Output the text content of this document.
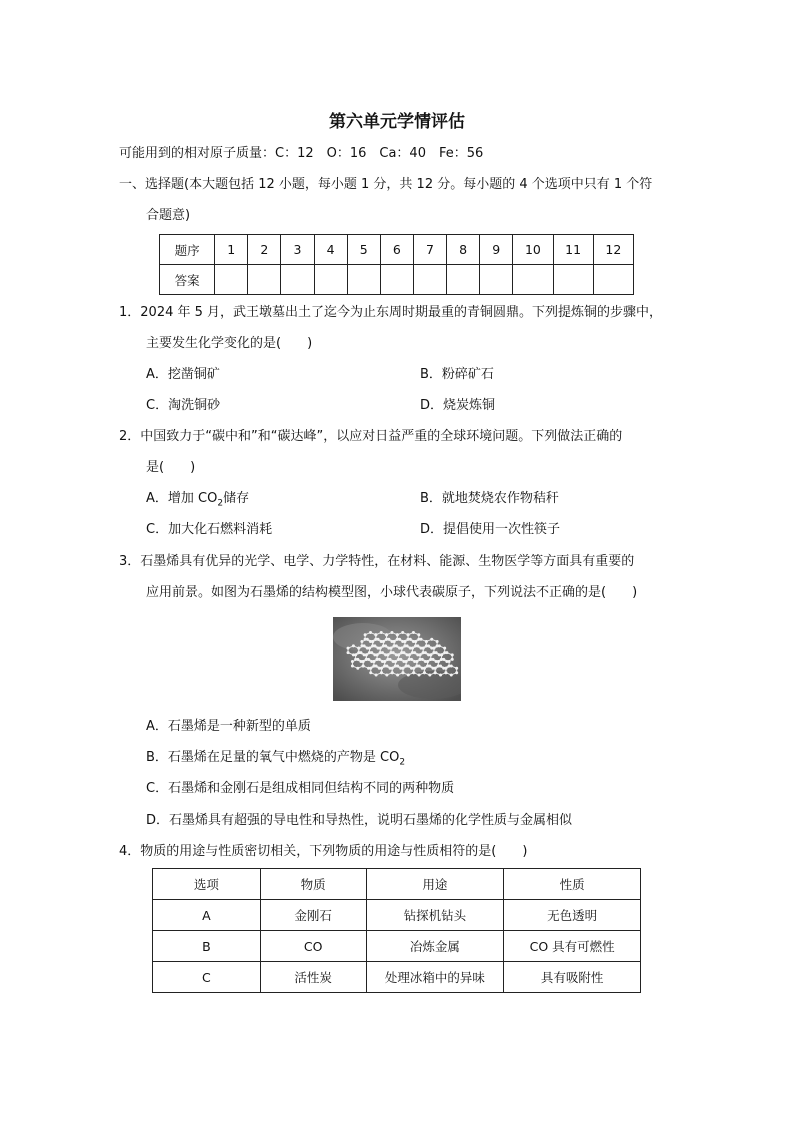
第六单元学情评估
可能用到的相对原子质量：C：12　O：16　Ca：40　Fe：56
一、选择题(本大题包括 12 小题，每小题 1 分，共 12 分。每小题的 4 个选项中只有 1 个符
合题意)
题序	1	2	3	4	5	6	7	8	9	10	11	12
答案												
1．2024 年 5 月，武王墩墓出土了迄今为止东周时期最重的青铜圆鼎。下列提炼铜的步骤中，
主要发生化学变化的是(　　)
A．挖凿铜矿	B．粉碎矿石
C．淘洗铜砂	D．烧炭炼铜
2．中国致力于“碳中和”和“碳达峰”，以应对日益严重的全球环境问题。下列做法正确的
是(　　)
A．增加 $CO_2$储存	B．就地焚烧农作物秸秆
C．加大化石燃料消耗	D．提倡使用一次性筷子
3．石墨烯具有优异的光学、电学、力学特性，在材料、能源、生物医学等方面具有重要的
应用前景。如图为石墨烯的结构模型图，小球代表碳原子，下列说法不正确的是(　　)
A．石墨烯是一种新型的单质
B．石墨烯在足量的氧气中燃烧的产物是 $CO_2$
C．石墨烯和金刚石是组成相同但结构不同的两种物质
D．石墨烯具有超强的导电性和导热性，说明石墨烯的化学性质与金属相似
4．物质的用途与性质密切相关，下列物质的用途与性质相符的是(　　)
选项	物质	用途	性质
A	金刚石	钻探机钻头	无色透明
B	CO	冶炼金属	CO 具有可燃性
C	活性炭	处理冰箱中的异味	具有吸附性
